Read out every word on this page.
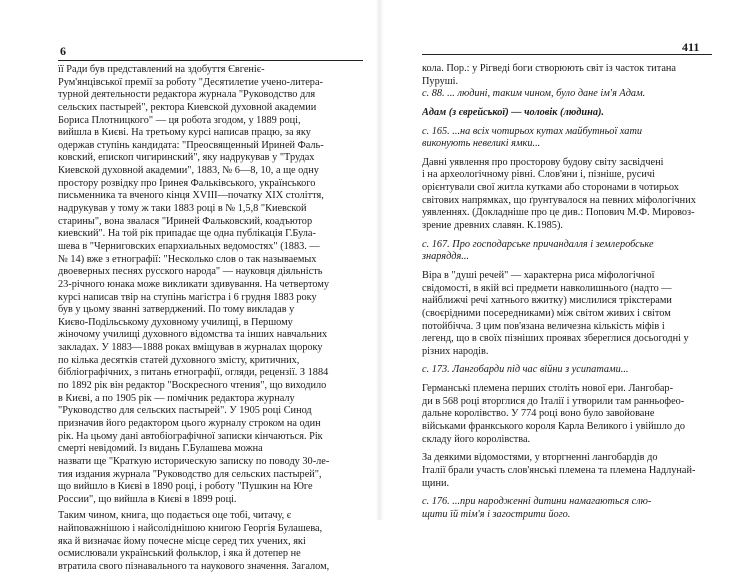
6
її Ради був представлений на здобуття Євгеніє-
Рум'янцівської премії за роботу "Десятилетие учено-литера-
турной деятельности редактора журнала "Руководство для
сельских пастырей", ректора Киевской духовной академии
Бориса Плотницкого" — ця робота згодом, у 1889 році,
вийшла в Києві. На третьому курсі написав працю, за яку
одержав ступінь кандидата: "Преосвященный Ириней Фаль-
ковский, епископ чигиринский", яку надрукував у "Трудах
Киевской духовной академии", 1883, № 6—8, 10, а ще одну
простору розвідку про Іринея Фальківського, українського
письменника та вченого кінця XVIII—початку XIX століття,
надрукував у тому ж таки 1883 році в № 1,5,8 "Киевской
старины", вона звалася "Ириней Фальковский, коадъютор
киевский". На той рік припадає ще одна публікація Г.Була-
шева в "Черниговских епархиальных ведомостях" (1883. —
№ 14) вже з етнографії: "Несколько слов о так называемых
двоеверных песнях русского народа" — науковця діяльність
23-річного юнака може викликати здивування. На четвертому
курсі написав твір на ступінь магістра і 6 грудня 1883 року
був у цьому званні затверджений. По тому викладав у
Києво-Подільському духовному училищі, в Першому
жіночому училищі духовного відомства та інших навчальних
закладах. У 1883—1888 роках вміщував в журналах щороку
по кілька десятків статей духовного змісту, критичних,
бібліографічних, з питань етнографії, огляди, рецензії. З 1884
по 1892 рік він редактор "Воскресного чтения", що виходило
в Києві, а по 1905 рік — помічник редактора журналу
"Руководство для сельских пастырей". У 1905 році Синод
призначив його редактором цього журналу строком на один
рік. На цьому дані автобіографічної записки кінчаються. Рік
смерті невідомий. Із видань Г.Булашева можна
назвати ще "Краткую историческую записку по поводу 30-ле-
тия издания журнала "Руководство для сельских пастырей",
що вийшло в Києві в 1890 році, і роботу "Пушкин на Юге
России", що вийшла в Києві в 1899 році.
Таким чином, книга, що подається оце тобі, читачу, є
найповажнішою і найсолiднішою книгою Георгія Булашева,
яка й визначає йому почесне місце серед тих учених, які
осмислювали український фольклор, і яка й дотепер не
втратила свого пізнавального та наукового значення. Загалом,
411
кола. Пор.: у Рігведі боги створюють світ із часток титана
Пуруші.
с. 88. ... людині, таким чином, було дане ім'я Адам.
Адам (з єврейської) — чоловік (людина).
с. 165. ...на всіх чотирьох кутах майбутньої хати
виконують невеликі ямки...
Давні уявлення про просторову будову світу засвідчені
і на археологічному рівні. Слов'яни і, пізніше, русичі
орієнтували свої житла кутками або сторонами в чотирьох
світових напрямках, що ґрунтувалося на певних міфологічних
уявленнях. (Докладніше про це див.: Попович М.Ф. Мировоз-
зрение древних славян. К.1985).
с. 167. Про господарське причандалля і землеробське
знаряддя...
Віра в "душі речей" — характерна риса міфологічної
свідомості, в якій всі предмети навколишнього (надто —
найближчі речі хатнього вжитку) мислилися трікстерами
(своєрідними посередниками) між світом живих і світом
потойбічча. З цим пов'язана величезна кількість міфів і
легенд, що в своїх пізніших проявах збереглися досьогодні у
різних народів.
с. 173. Лангобарди під час війни з усипатами...
Германські племена перших століть нової ери. Лангобар-
ди в 568 році вторглися до Італії і утворили там ранньофео-
дальне королівство. У 774 році воно було завойоване
військами франкського короля Карла Великого і увійшло до
складу його королівства.
За деякими відомостями, у вторгненні лангобардів до
Італії брали участь слов'янські племена та племена Надлунай-
щини.
с. 176. ...при народженні дитини намагаються слю-
щити їй тім'я і загострити його.
